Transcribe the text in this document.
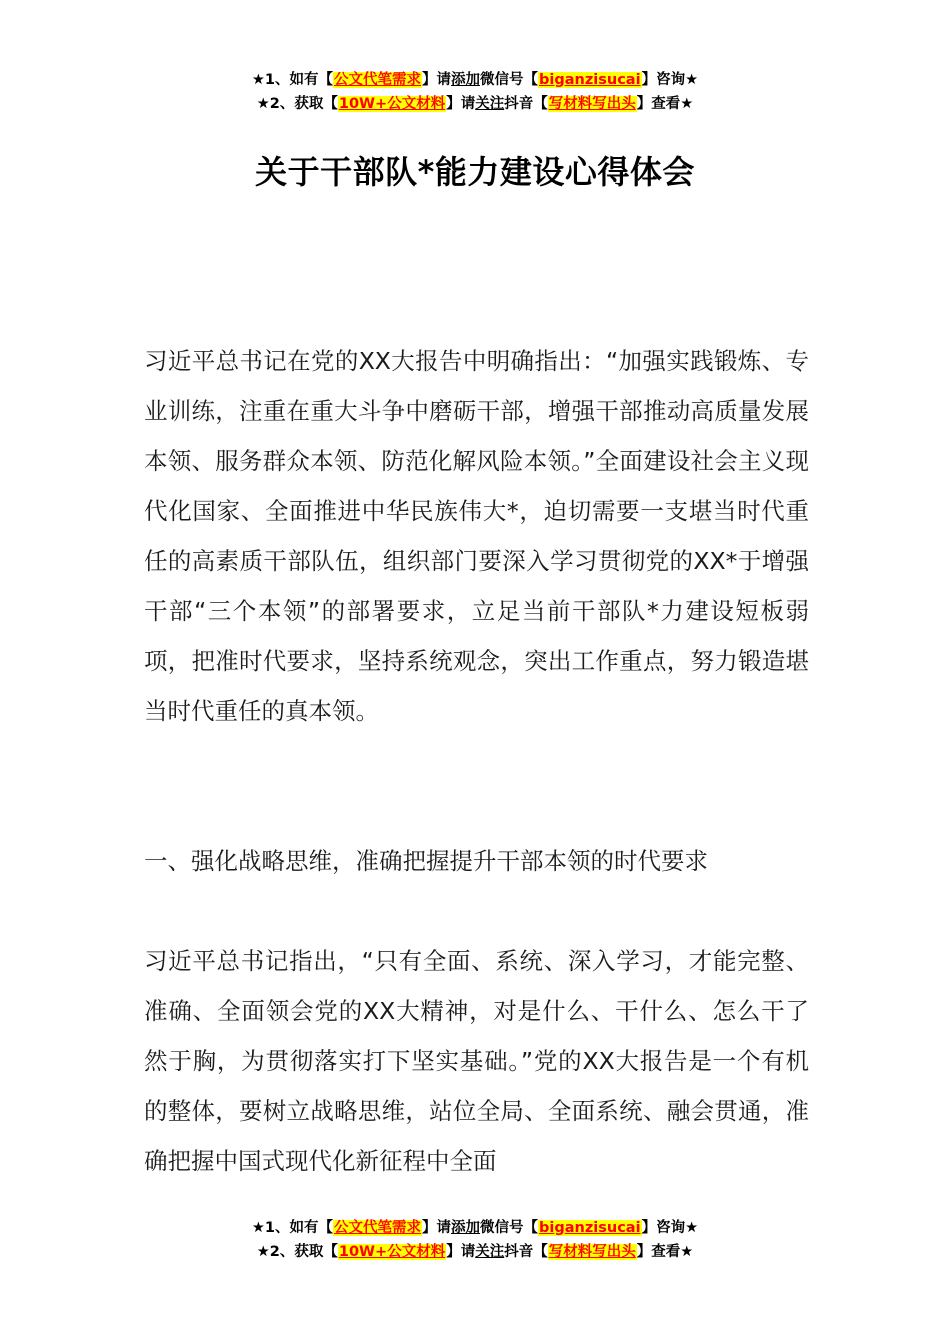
★1、如有【公文代笔需求】请添加微信号【biganzisucai】咨询★
★2、获取【10W+公文材料】请关注抖音【写材料写出头】查看★
关于干部队*能力建设心得体会

习近平总书记在党的XX大报告中明确指出：“加强实践锻炼、专业训练，注重在重大斗争中磨砺干部，增强干部推动高质量发展本领、服务群众本领、防范化解风险本领。”全面建设社会主义现代化国家、全面推进中华民族伟大*，迫切需要一支堪当时代重任的高素质干部队伍，组织部门要深入学习贯彻党的XX*于增强干部“三个本领”的部署要求，立足当前干部队*力建设短板弱项，把准时代要求，坚持系统观念，突出工作重点，努力锻造堪当时代重任的真本领。

一、强化战略思维，准确把握提升干部本领的时代要求

习近平总书记指出，“只有全面、系统、深入学习，才能完整、准确、全面领会党的XX大精神，对是什么、干什么、怎么干了然于胸，为贯彻落实打下坚实基础。”党的XX大报告是一个有机的整体，要树立战略思维，站位全局、全面系统、融会贯通，准确把握中国式现代化新征程中全面

★1、如有【公文代笔需求】请添加微信号【biganzisucai】咨询★
★2、获取【10W+公文材料】请关注抖音【写材料写出头】查看★
